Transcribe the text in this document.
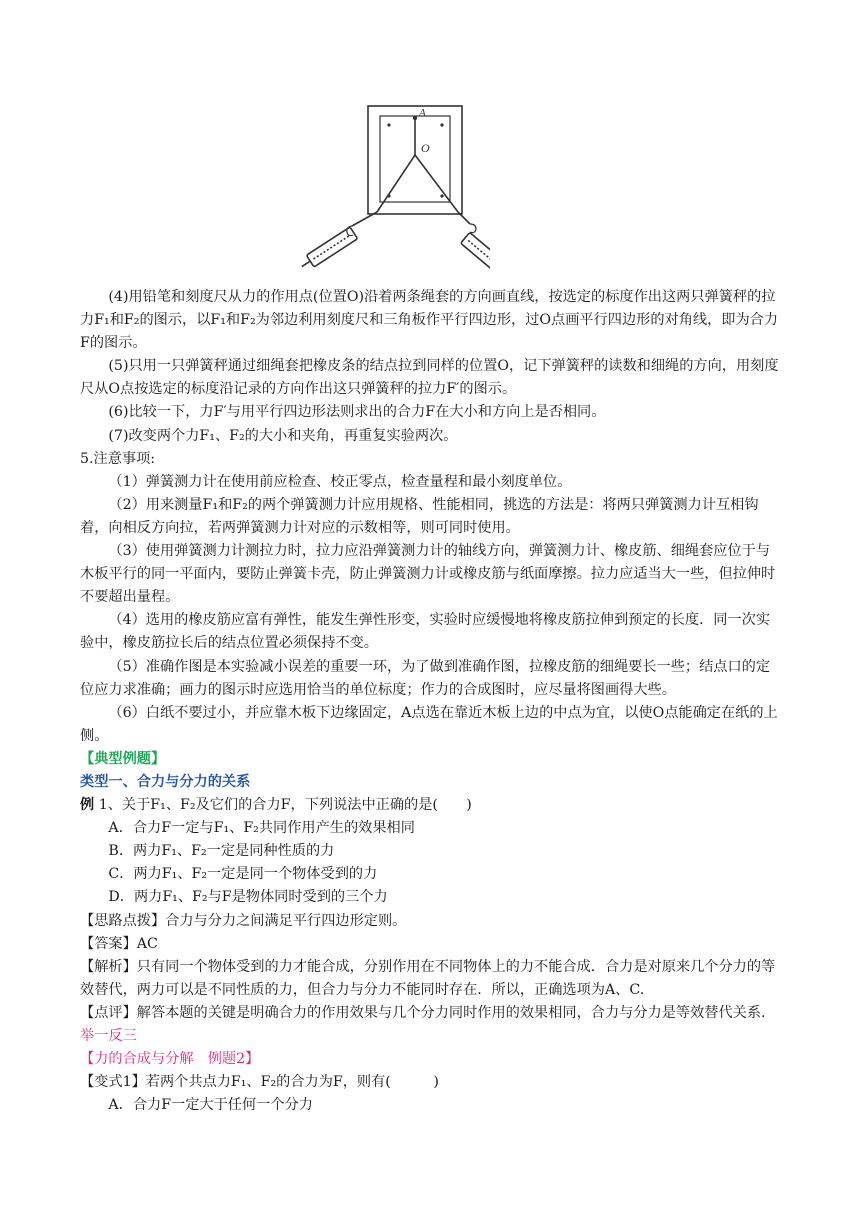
A
O

(4)用铅笔和刻度尺从力的作用点(位置O)沿着两条绳套的方向画直线，按选定的标度作出这两只弹簧秤的拉力F₁和F₂的图示，以F₁和F₂为邻边利用刻度尺和三角板作平行四边形，过O点画平行四边形的对角线，即为合力F的图示。

(5)只用一只弹簧秤通过细绳套把橡皮条的结点拉到同样的位置O，记下弹簧秤的读数和细绳的方向，用刻度尺从O点按选定的标度沿记录的方向作出这只弹簧秤的拉力F′的图示。

(6)比较一下，力F′与用平行四边形法则求出的合力F在大小和方向上是否相同。

(7)改变两个力F₁、F₂的大小和夹角，再重复实验两次。

5.注意事项:

（1）弹簧测力计在使用前应检查、校正零点，检查量程和最小刻度单位。

（2）用来测量F₁和F₂的两个弹簧测力计应用规格、性能相同，挑选的方法是：将两只弹簧测力计互相钩着，向相反方向拉，若两弹簧测力计对应的示数相等，则可同时使用。

（3）使用弹簧测力计测拉力时，拉力应沿弹簧测力计的轴线方向，弹簧测力计、橡皮筋、细绳套应位于与木板平行的同一平面内，要防止弹簧卡壳，防止弹簧测力计或橡皮筋与纸面摩擦。拉力应适当大一些，但拉伸时不要超出量程。

（4）选用的橡皮筋应富有弹性，能发生弹性形变，实验时应缓慢地将橡皮筋拉伸到预定的长度．同一次实验中，橡皮筋拉长后的结点位置必须保持不变。

（5）准确作图是本实验减小误差的重要一环，为了做到准确作图，拉橡皮筋的细绳要长一些；结点口的定位应力求准确；画力的图示时应选用恰当的单位标度；作力的合成图时，应尽量将图画得大些。

（6）白纸不要过小，并应靠木板下边缘固定，A点选在靠近木板上边的中点为宜，以使O点能确定在纸的上侧。

【典型例题】

类型一、合力与分力的关系

例 1、关于F₁、F₂及它们的合力F，下列说法中正确的是(　　)

A．合力F一定与F₁、F₂共同作用产生的效果相同

B．两力F₁、F₂一定是同种性质的力

C．两力F₁、F₂一定是同一个物体受到的力

D．两力F₁、F₂与F是物体同时受到的三个力

【思路点拨】合力与分力之间满足平行四边形定则。

【答案】AC

【解析】只有同一个物体受到的力才能合成，分别作用在不同物体上的力不能合成．合力是对原来几个分力的等效替代，两力可以是不同性质的力，但合力与分力不能同时存在．所以，正确选项为A、C.

【点评】解答本题的关键是明确合力的作用效果与几个分力同时作用的效果相同，合力与分力是等效替代关系.

举一反三

【力的合成与分解　例题2】

【变式1】若两个共点力F₁、F₂的合力为F，则有(　　　)

A．合力F一定大于任何一个分力
